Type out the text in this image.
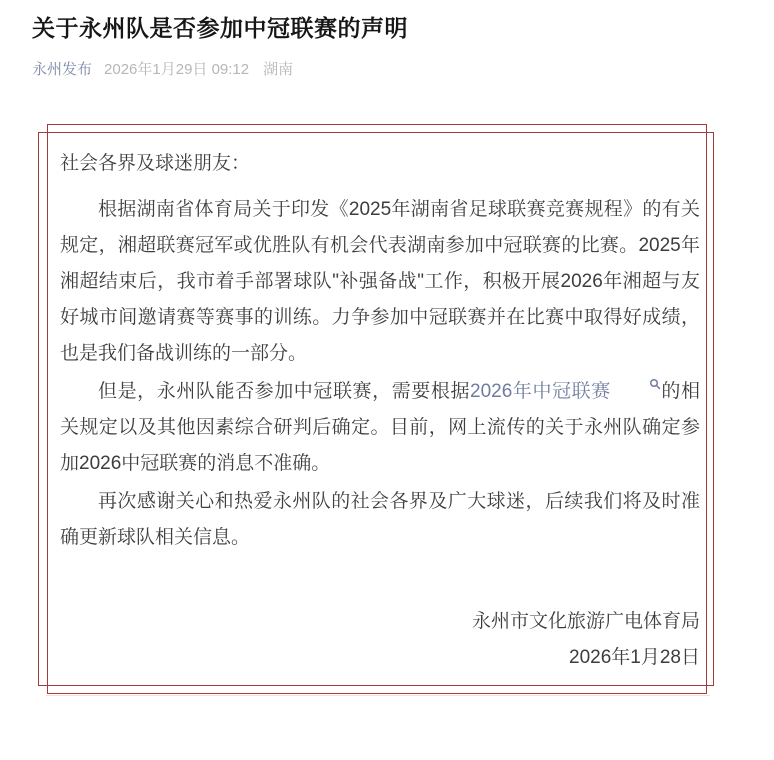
关于永州队是否参加中冠联赛的声明
永州发布 2026年1月29日 09:12 湖南

社会各界及球迷朋友：

根据湖南省体育局关于印发《2025年湖南省足球联赛竞赛规程》的有关规定，湘超联赛冠军或优胜队有机会代表湖南参加中冠联赛的比赛。2025年湘超结束后，我市着手部署球队"补强备战"工作，积极开展2026年湘超与友好城市间邀请赛等赛事的训练。力争参加中冠联赛并在比赛中取得好成绩，也是我们备战训练的一部分。

但是，永州队能否参加中冠联赛，需要根据2026年中冠联赛	的相关规定以及其他因素综合研判后确定。目前，网上流传的关于永州队确定参加2026中冠联赛的消息不准确。

再次感谢关心和热爱永州队的社会各界及广大球迷，后续我们将及时准确更新球队相关信息。

永州市文化旅游广电体育局
2026年1月28日
